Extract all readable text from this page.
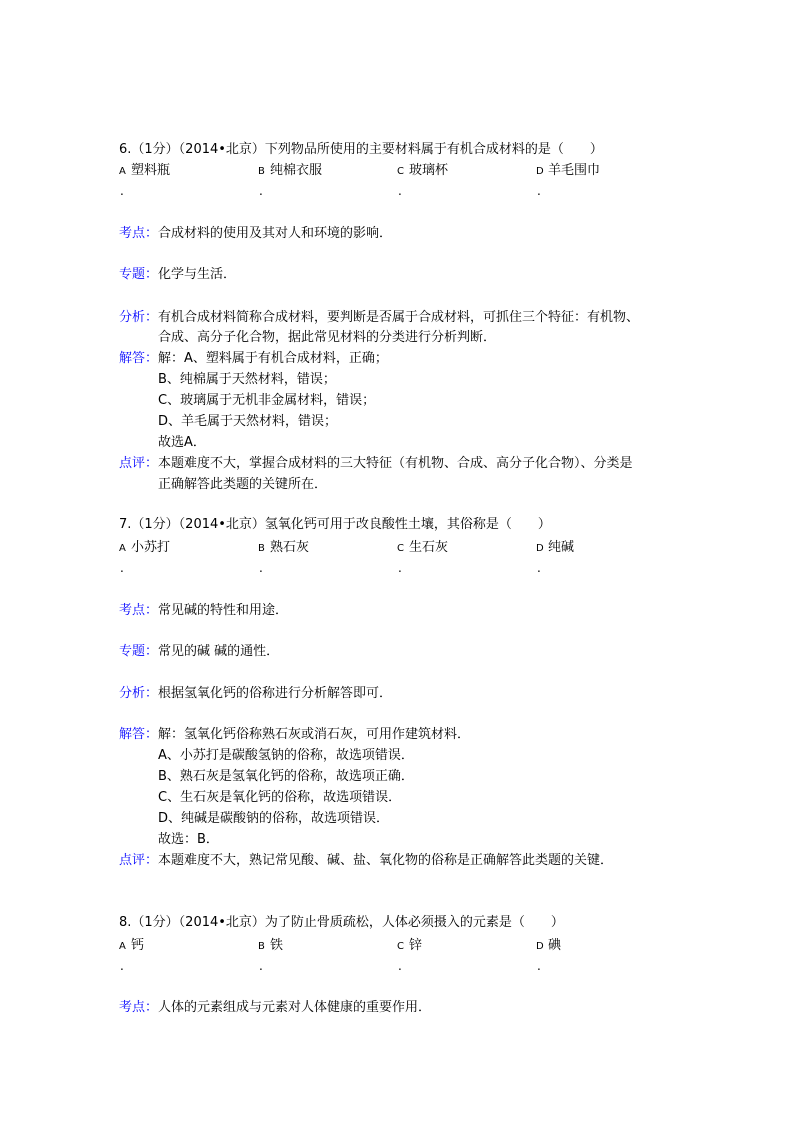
6.（1分）（2014•北京）下列物品所使用的主要材料属于有机合成材料的是（　　）
A 塑料瓶	B 纯棉衣服	C 玻璃杯	D 羊毛围巾
.	.	.	.
考点：合成材料的使用及其对人和环境的影响．
专题：化学与生活．
分析：有机合成材料简称合成材料，要判断是否属于合成材料，可抓住三个特征：有机物、
合成、高分子化合物，据此常见材料的分类进行分析判断．
解答：解：A、塑料属于有机合成材料，正确；
B、纯棉属于天然材料，错误；
C、玻璃属于无机非金属材料，错误；
D、羊毛属于天然材料，错误；
故选A．
点评：本题难度不大，掌握合成材料的三大特征（有机物、合成、高分子化合物）、分类是
正确解答此类题的关键所在．
7.（1分）（2014•北京）氢氧化钙可用于改良酸性土壤，其俗称是（　　）
A 小苏打	B 熟石灰	C 生石灰	D 纯碱
.	.	.	.
考点：常见碱的特性和用途．
专题：常见的碱 碱的通性．
分析：根据氢氧化钙的俗称进行分析解答即可．
解答：解：氢氧化钙俗称熟石灰或消石灰，可用作建筑材料．
A、小苏打是碳酸氢钠的俗称，故选项错误．
B、熟石灰是氢氧化钙的俗称，故选项正确．
C、生石灰是氧化钙的俗称，故选项错误．
D、纯碱是碳酸钠的俗称，故选项错误．
故选：B．
点评：本题难度不大，熟记常见酸、碱、盐、氧化物的俗称是正确解答此类题的关键．
8.（1分）（2014•北京）为了防止骨质疏松，人体必须摄入的元素是（　　）
A 钙	B 铁	C 锌	D 碘
.	.	.	.
考点：人体的元素组成与元素对人体健康的重要作用．
